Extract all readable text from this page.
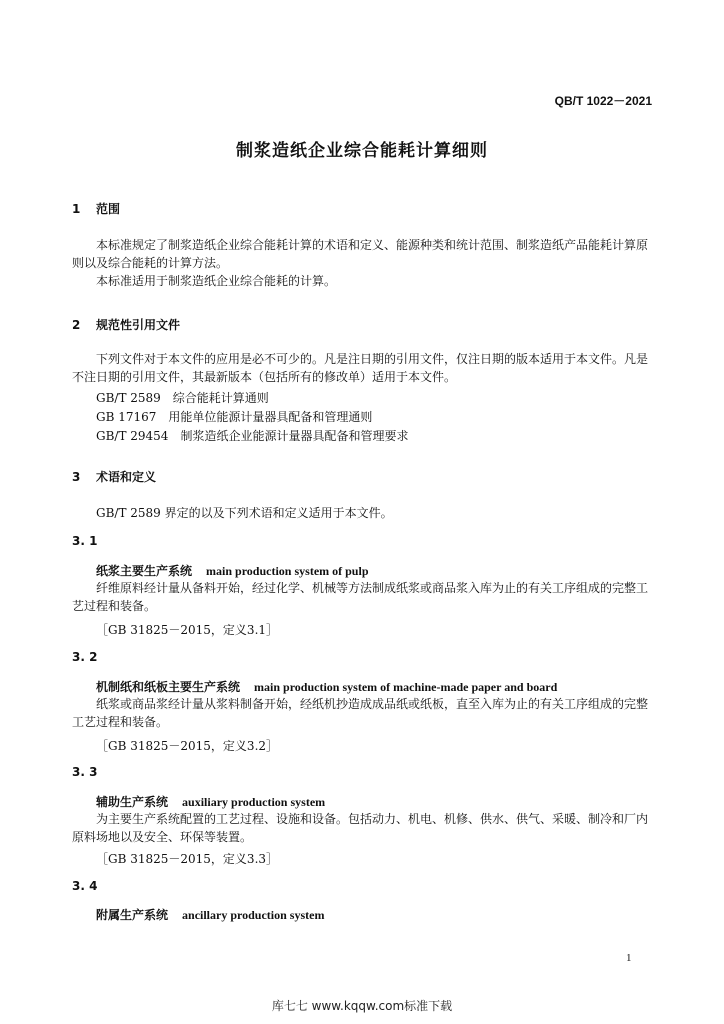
QB/T 1022－2021
制浆造纸企业综合能耗计算细则
1 范围
本标准规定了制浆造纸企业综合能耗计算的术语和定义、能源种类和统计范围、制浆造纸产品能耗计算原则以及综合能耗的计算方法。
本标准适用于制浆造纸企业综合能耗的计算。
2 规范性引用文件
下列文件对于本文件的应用是必不可少的。凡是注日期的引用文件，仅注日期的版本适用于本文件。凡是不注日期的引用文件，其最新版本（包括所有的修改单）适用于本文件。
GB/T 2589　综合能耗计算通则
GB 17167　用能单位能源计量器具配备和管理通则
GB/T 29454　制浆造纸企业能源计量器具配备和管理要求
3 术语和定义
GB/T 2589 界定的以及下列术语和定义适用于本文件。
3. 1
纸浆主要生产系统 main production system of pulp
纤维原料经计量从备料开始，经过化学、机械等方法制成纸浆或商品浆入库为止的有关工序组成的完整工艺过程和装备。
［GB 31825－2015，定义3.1］
3. 2
机制纸和纸板主要生产系统 main production system of machine-made paper and board
纸浆或商品浆经计量从浆料制备开始，经纸机抄造成成品纸或纸板，直至入库为止的有关工序组成的完整工艺过程和装备。
［GB 31825－2015，定义3.2］
3. 3
辅助生产系统 auxiliary production system
为主要生产系统配置的工艺过程、设施和设备。包括动力、机电、机修、供水、供气、采暖、制冷和厂内原料场地以及安全、环保等装置。
［GB 31825－2015，定义3.3］
3. 4
附属生产系统 ancillary production system
1
库七七 www.kqqw.com标准下载
